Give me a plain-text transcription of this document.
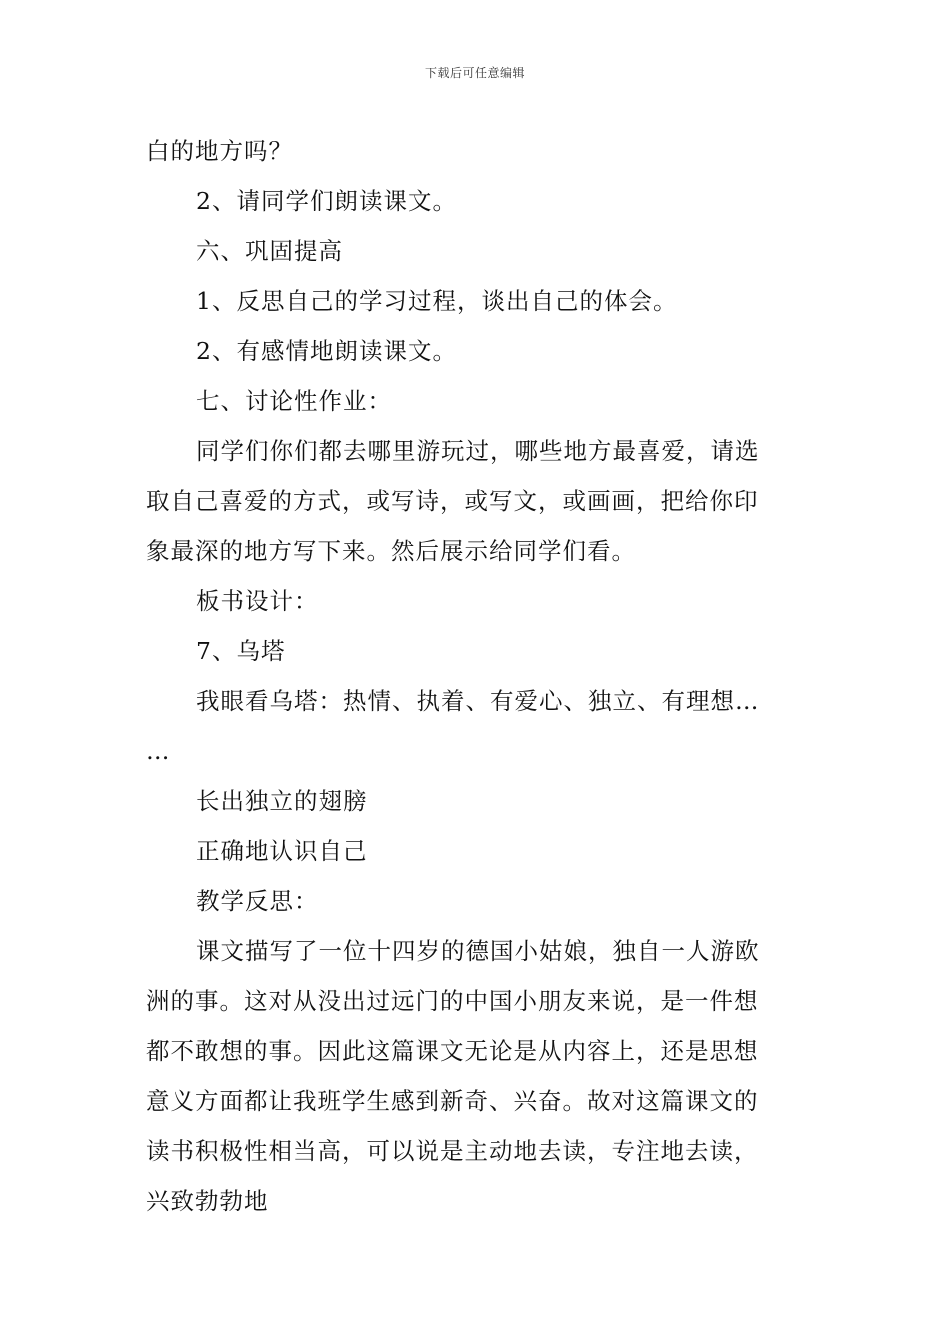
下载后可任意编辑
白的地方吗？
2、请同学们朗读课文。
六、巩固提高
1、反思自己的学习过程，谈出自己的体会。
2、有感情地朗读课文。
七、讨论性作业：
同学们你们都去哪里游玩过，哪些地方最喜爱，请选
取自己喜爱的方式，或写诗，或写文，或画画，把给你印
象最深的地方写下来。然后展示给同学们看。
板书设计：
7、乌塔
我眼看乌塔：热情、执着、有爱心、独立、有理想…
…
长出独立的翅膀
正确地认识自己
教学反思：
课文描写了一位十四岁的德国小姑娘，独自一人游欧
洲的事。这对从没出过远门的中国小朋友来说，是一件想
都不敢想的事。因此这篇课文无论是从内容上，还是思想
意义方面都让我班学生感到新奇、兴奋。故对这篇课文的
读书积极性相当高，可以说是主动地去读，专注地去读，
兴致勃勃地
